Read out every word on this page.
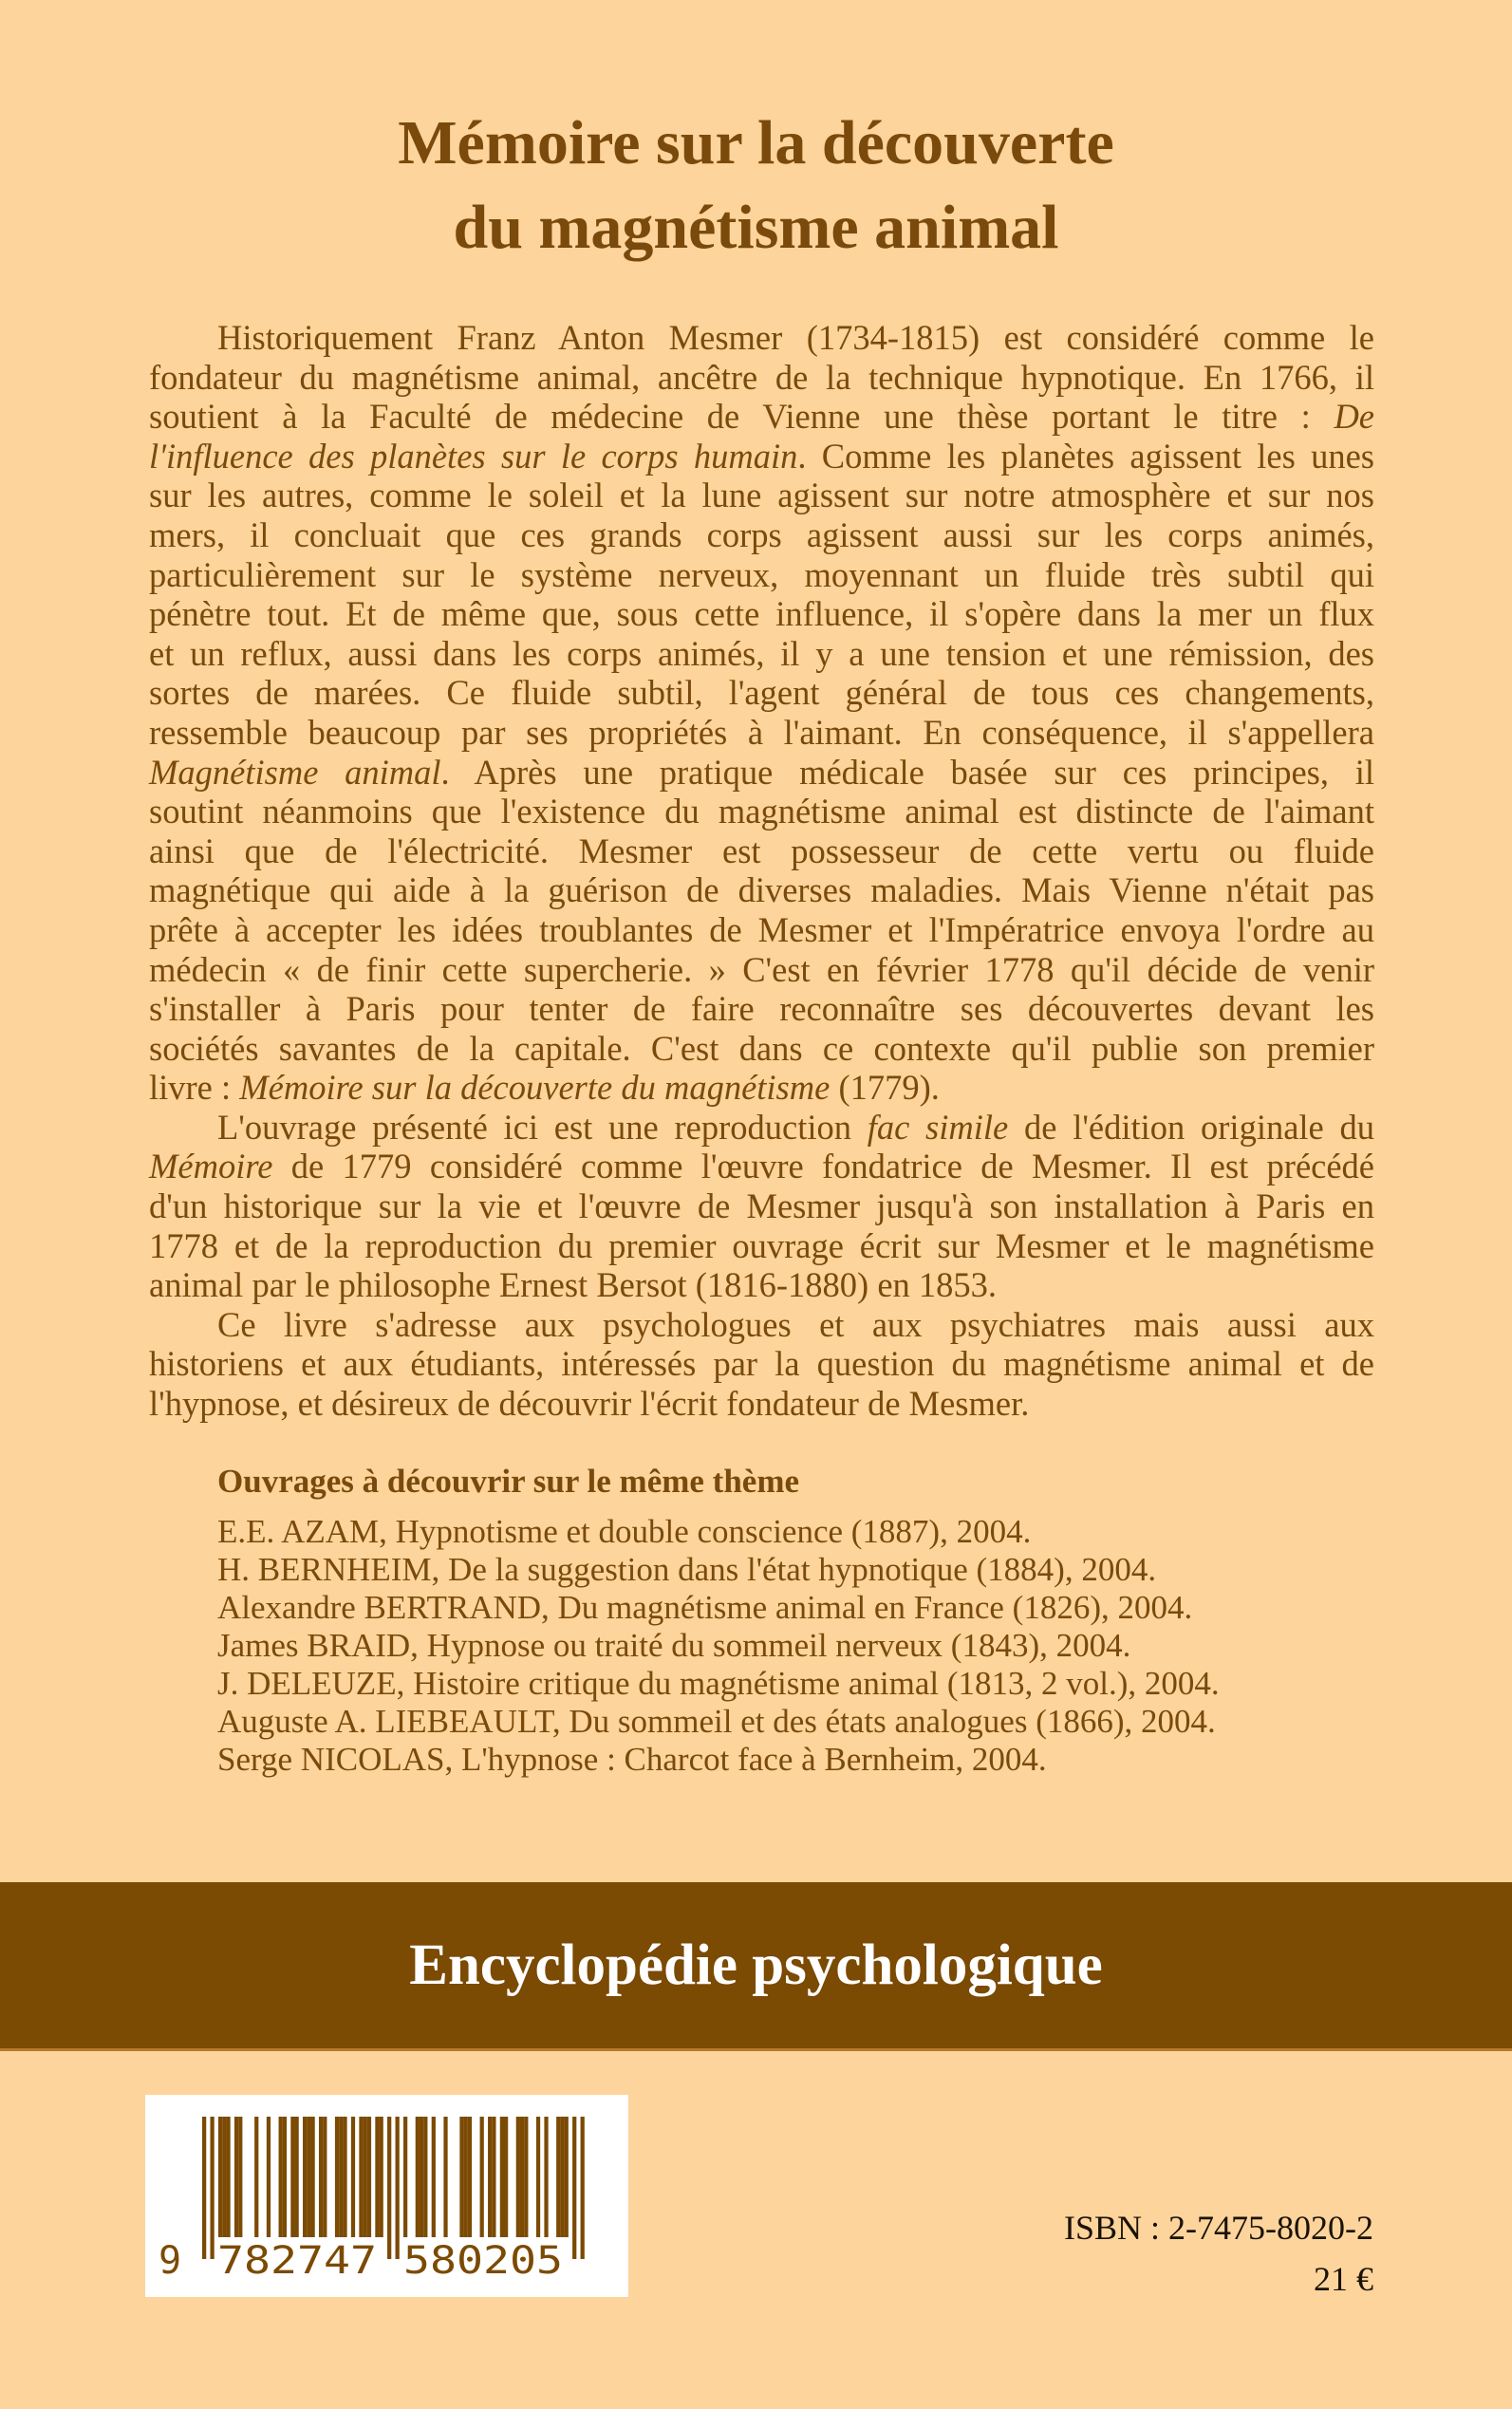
Mémoire sur la découverte
du magnétisme animal
Historiquement Franz Anton Mesmer (1734-1815) est considéré comme le
fondateur du magnétisme animal, ancêtre de la technique hypnotique. En 1766, il
soutient à la Faculté de médecine de Vienne une thèse portant le titre : De
l'influence des planètes sur le corps humain. Comme les planètes agissent les unes
sur les autres, comme le soleil et la lune agissent sur notre atmosphère et sur nos
mers, il concluait que ces grands corps agissent aussi sur les corps animés,
particulièrement sur le système nerveux, moyennant un fluide très subtil qui
pénètre tout. Et de même que, sous cette influence, il s'opère dans la mer un flux
et un reflux, aussi dans les corps animés, il y a une tension et une rémission, des
sortes de marées. Ce fluide subtil, l'agent général de tous ces changements,
ressemble beaucoup par ses propriétés à l'aimant. En conséquence, il s'appellera
Magnétisme animal. Après une pratique médicale basée sur ces principes, il
soutint néanmoins que l'existence du magnétisme animal est distincte de l'aimant
ainsi que de l'électricité. Mesmer est possesseur de cette vertu ou fluide
magnétique qui aide à la guérison de diverses maladies. Mais Vienne n'était pas
prête à accepter les idées troublantes de Mesmer et l'Impératrice envoya l'ordre au
médecin « de finir cette supercherie. » C'est en février 1778 qu'il décide de venir
s'installer à Paris pour tenter de faire reconnaître ses découvertes devant les
sociétés savantes de la capitale. C'est dans ce contexte qu'il publie son premier
livre : Mémoire sur la découverte du magnétisme (1779).
L'ouvrage présenté ici est une reproduction fac simile de l'édition originale du
Mémoire de 1779 considéré comme l'œuvre fondatrice de Mesmer. Il est précédé
d'un historique sur la vie et l'œuvre de Mesmer jusqu'à son installation à Paris en
1778 et de la reproduction du premier ouvrage écrit sur Mesmer et le magnétisme
animal par le philosophe Ernest Bersot (1816-1880) en 1853.
Ce livre s'adresse aux psychologues et aux psychiatres mais aussi aux
historiens et aux étudiants, intéressés par la question du magnétisme animal et de
l'hypnose, et désireux de découvrir l'écrit fondateur de Mesmer.
Ouvrages à découvrir sur le même thème
E.E. AZAM, Hypnotisme et double conscience (1887), 2004.
H. BERNHEIM, De la suggestion dans l'état hypnotique (1884), 2004.
Alexandre BERTRAND, Du magnétisme animal en France (1826), 2004.
James BRAID, Hypnose ou traité du sommeil nerveux (1843), 2004.
J. DELEUZE, Histoire critique du magnétisme animal (1813, 2 vol.), 2004.
Auguste A. LIEBEAULT, Du sommeil et des états analogues (1866), 2004.
Serge NICOLAS, L'hypnose : Charcot face à Bernheim, 2004.
Encyclopédie psychologique
9 782747 580205
ISBN : 2-7475-8020-2
21 €
